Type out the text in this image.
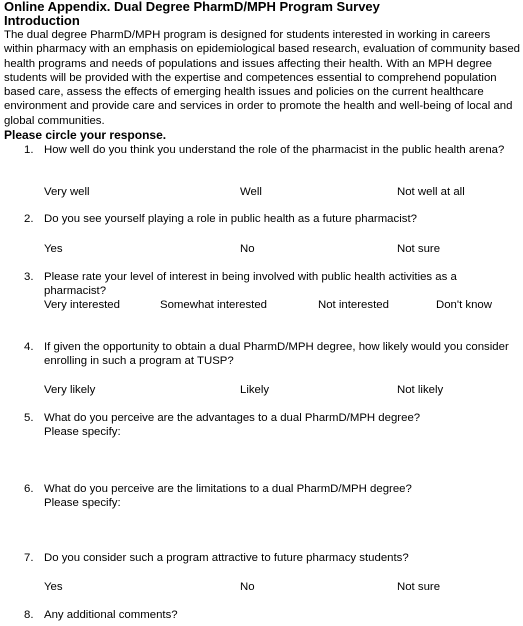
Online Appendix. Dual Degree PharmD/MPH Program Survey
Introduction

The dual degree PharmD/MPH program is designed for students interested in working in careers within pharmacy with an emphasis on epidemiological based research, evaluation of community based health programs and needs of populations and issues affecting their health. With an MPH degree students will be provided with the expertise and competences essential to comprehend population based care, assess the effects of emerging health issues and policies on the current healthcare environment and provide care and services in order to promote the health and well-being of local and global communities.

Please circle your response.
1. How well do you think you understand the role of the pharmacist in the public health arena?
Very well	Well	Not well at all
2. Do you see yourself playing a role in public health as a future pharmacist?
Yes	No	Not sure
3. Please rate your level of interest in being involved with public health activities as a pharmacist?
Very interested	Somewhat interested	Not interested	Don't know
4. If given the opportunity to obtain a dual PharmD/MPH degree, how likely would you consider enrolling in such a program at TUSP?
Very likely	Likely	Not likely
5. What do you perceive are the advantages to a dual PharmD/MPH degree?
Please specify:
6. What do you perceive are the limitations to a dual PharmD/MPH degree?
Please specify:
7. Do you consider such a program attractive to future pharmacy students?
Yes	No	Not sure
8. Any additional comments?
